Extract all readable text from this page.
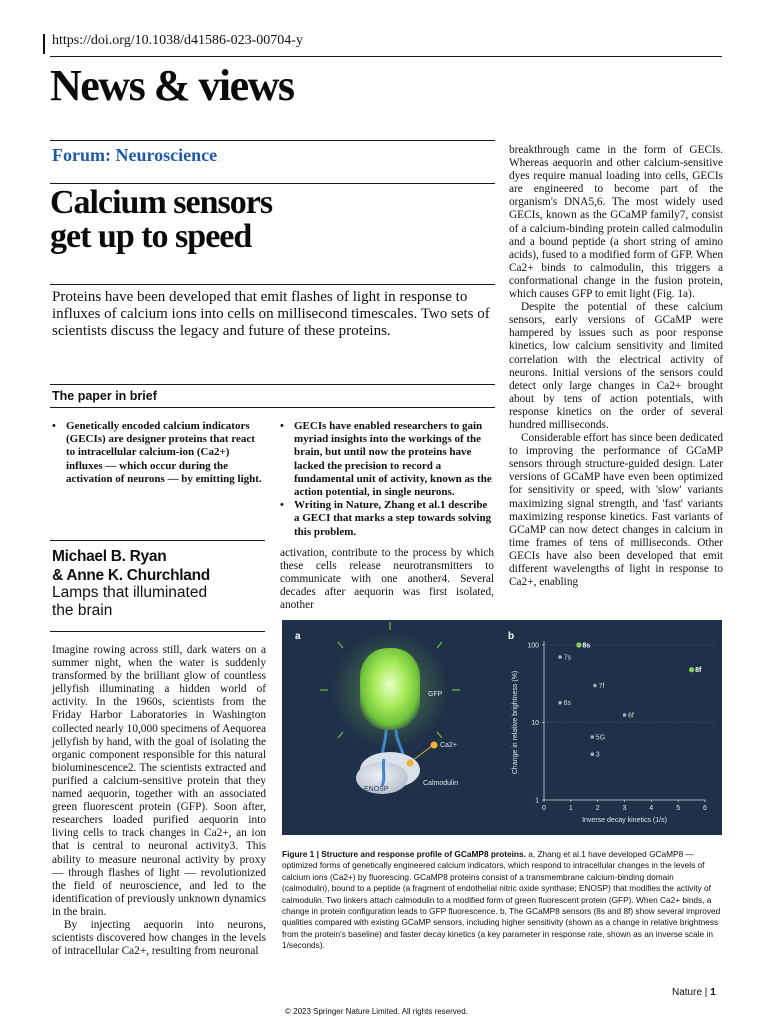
https://doi.org/10.1038/d41586-023-00704-y
News & views
Forum: Neuroscience
Calcium sensors
get up to speed
Proteins have been developed that emit flashes of light in response to influxes of calcium ions into cells on millisecond timescales. Two sets of scientists discuss the legacy and future of these proteins.
The paper in brief
• Genetically encoded calcium indicators (GECIs) are designer proteins that react to intracellular calcium-ion (Ca2+) influxes — which occur during the activation of neurons — by emitting light.
• GECIs have enabled researchers to gain myriad insights into the workings of the brain, but until now the proteins have lacked the precision to record a fundamental unit of activity, known as the action potential, in single neurons.
• Writing in Nature, Zhang et al.1 describe a GECI that marks a step towards solving this problem.
Michael B. Ryan
& Anne K. Churchland
Lamps that illuminated
the brain

Imagine rowing across still, dark waters on a summer night, when the water is suddenly transformed by the brilliant glow of countless jellyfish illuminating a hidden world of activity. In the 1960s, scientists from the Friday Harbor Laboratories in Washington collected nearly 10,000 specimens of Aequorea jellyfish by hand, with the goal of isolating the organic component responsible for this natural bioluminescence2. The scientists extracted and purified a calcium-sensitive protein that they named aequorin, together with an associated green fluorescent protein (GFP). Soon after, researchers loaded purified aequorin into living cells to track changes in Ca2+, an ion that is central to neuronal activity3. This ability to measure neuronal activity by proxy — through flashes of light — revolutionized the field of neuroscience, and led to the identification of previously unknown dynamics in the brain.

By injecting aequorin into neurons, scientists discovered how changes in the levels of intracellular Ca2+, resulting from neuronal

activation, contribute to the process by which these cells release neurotransmitters to communicate with one another4. Several decades after aequorin was first isolated, another

breakthrough came in the form of GECIs. Whereas aequorin and other calcium-sensitive dyes require manual loading into cells, GECIs are engineered to become part of the organism's DNA5,6. The most widely used GECIs, known as the GCaMP family7, consist of a calcium-binding protein called calmodulin and a bound peptide (a short string of amino acids), fused to a modified form of GFP. When Ca2+ binds to calmodulin, this triggers a conformational change in the fusion protein, which causes GFP to emit light (Fig. 1a).

Despite the potential of these calcium sensors, early versions of GCaMP were hampered by issues such as poor response kinetics, low calcium sensitivity and limited correlation with the electrical activity of neurons. Initial versions of the sensors could detect only large changes in Ca2+ brought about by tens of action potentials, with response kinetics on the order of several hundred milliseconds.

Considerable effort has since been dedicated to improving the performance of GCaMP sensors through structure-guided design. Later versions of GCaMP have even been optimized for sensitivity or speed, with 'slow' variants maximizing signal strength, and 'fast' variants maximizing response kinetics. Fast variants of GCaMP can now detect changes in calcium in time frames of tens of milliseconds. Other GECIs have also been developed that emit different wavelengths of light in response to Ca2+, enabling

a
GFP
ENOSP
Calmodulin
Ca2+
b
1
10
100
0	1	2	3	4	5	6
Inverse decay kinetics (1/s)
Change in relative brightness (%)
8s
7s
8f
7f
6s
6f
5G
3
Figure 1 | Structure and response profile of GCaMP8 proteins. a, Zhang et al.1 have developed GCaMP8 — optimized forms of genetically engineered calcium indicators, which respond to intracellular changes in the levels of calcium ions (Ca2+) by fluorescing. GCaMP8 proteins consist of a transmembrane calcium-binding domain (calmodulin), bound to a peptide (a fragment of endothelial nitric oxide synthase; ENOSP) that modifies the activity of calmodulin. Two linkers attach calmodulin to a modified form of green fluorescent protein (GFP). When Ca2+ binds, a change in protein configuration leads to GFP fluorescence. b, The GCaMP8 sensors (8s and 8f) show several improved qualities compared with existing GCaMP sensors, including higher sensitivity (shown as a change in relative brightness from the protein's baseline) and faster decay kinetics (a key parameter in response rate, shown as an inverse scale in 1/seconds).
Nature | 1
© 2023 Springer Nature Limited. All rights reserved.
